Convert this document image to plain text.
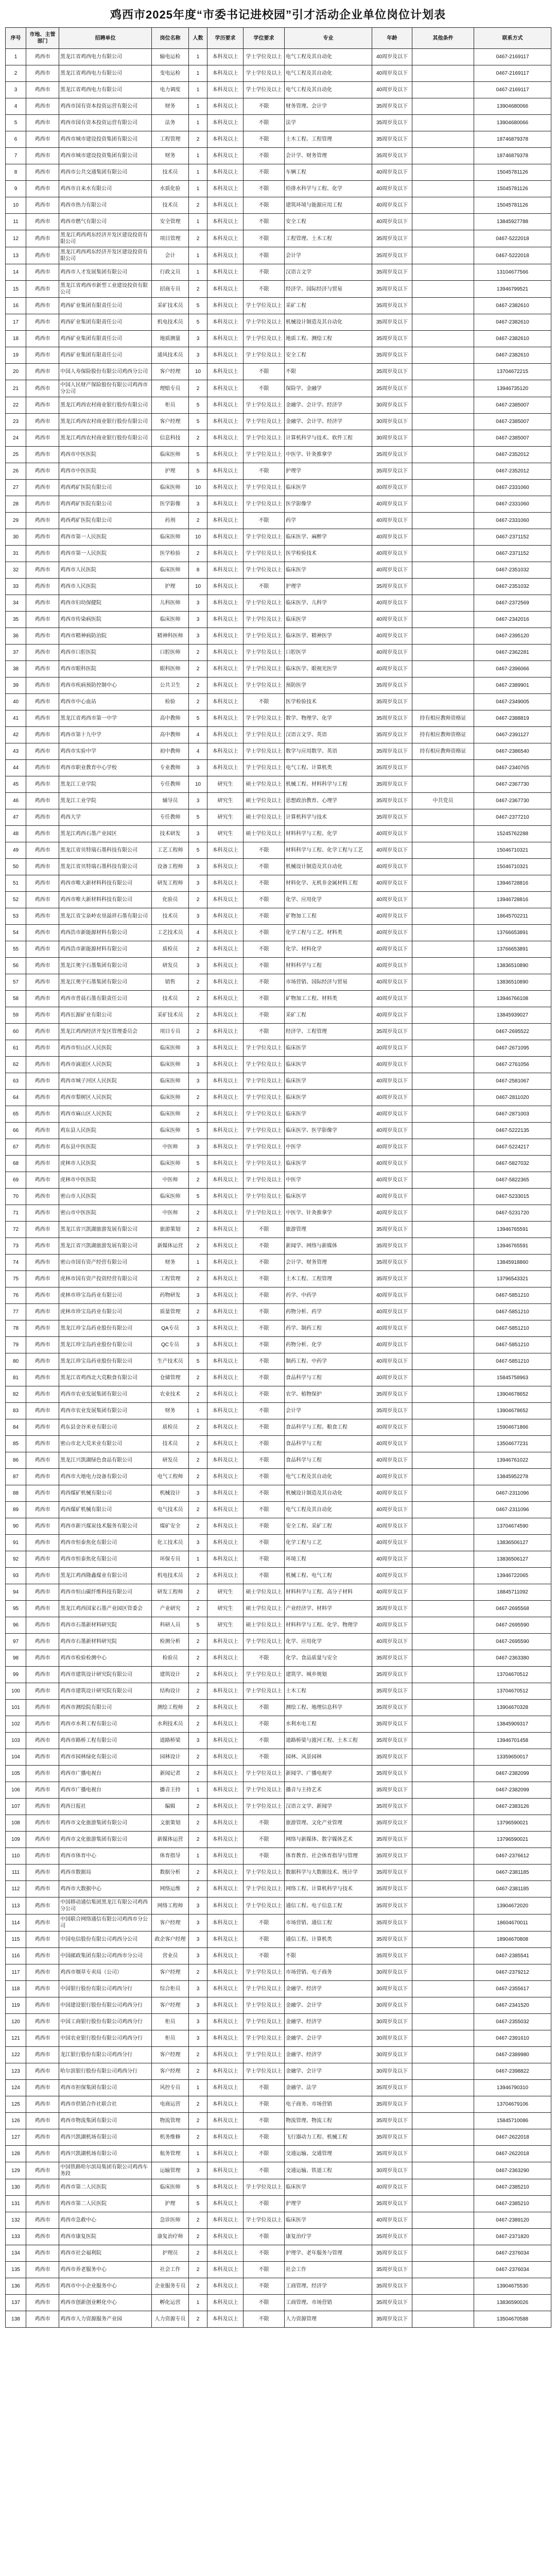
鸡西市2025年度“市委书记进校园”引才活动企业单位岗位计划表
序号	市地、主管部门	招聘单位	岗位名称	人数	学历要求	学位要求	专业	年龄	其他条件	联系方式
1	鸡西市	黑龙江省鸡西电力有限公司	输电运检	1	本科及以上	学士学位及以上	电气工程及其自动化	40周岁及以下		0467-2169117
2	鸡西市	黑龙江省鸡西电力有限公司	变电运检	1	本科及以上	学士学位及以上	电气工程及其自动化	40周岁及以下		0467-2169117
3	鸡西市	黑龙江省鸡西电力有限公司	电力调度	1	本科及以上	学士学位及以上	电气工程及其自动化	40周岁及以下		0467-2169117
4	鸡西市	鸡西市国有资本投资运营有限公司	财务	1	本科及以上	不限	财务管理、会计学	35周岁及以下		13904680066
5	鸡西市	鸡西市国有资本投资运营有限公司	法务	1	本科及以上	不限	法学	35周岁及以下		13904680066
6	鸡西市	鸡西市城市建设投资集团有限公司	工程管理	2	本科及以上	不限	土木工程、工程管理	35周岁及以下		18746879378
7	鸡西市	鸡西市城市建设投资集团有限公司	财务	1	本科及以上	不限	会计学、财务管理	35周岁及以下		18746879378
8	鸡西市	鸡西市公共交通集团有限公司	技术员	1	本科及以上	不限	车辆工程	40周岁及以下		15045781126
9	鸡西市	鸡西市自来水有限公司	水质化验	1	本科及以上	不限	给排水科学与工程、化学	40周岁及以下		15045781126
10	鸡西市	鸡西市热力有限公司	技术员	2	本科及以上	不限	建筑环境与能源应用工程	40周岁及以下		15045781126
11	鸡西市	鸡西市燃气有限公司	安全管理	1	本科及以上	不限	安全工程	40周岁及以下		13845927788
12	鸡西市	黑龙江鸡西鸡东经济开发区建设投资有限公司	项目管理	2	本科及以上	不限	工程管理、土木工程	35周岁及以下		0467-5222018
13	鸡西市	黑龙江鸡西鸡东经济开发区建设投资有限公司	会计	1	本科及以上	不限	会计学	35周岁及以下		0467-5222018
14	鸡西市	鸡西市人才发展集团有限公司	行政文员	1	本科及以上	不限	汉语言文学	35周岁及以下		13104677566
15	鸡西市	黑龙江省鸡西市新型工业建设投资有限公司	招商专员	2	本科及以上	不限	经济学、国际经济与贸易	35周岁及以下		13946799521
16	鸡西市	鸡西矿业集团有限责任公司	采矿技术员	5	本科及以上	学士学位及以上	采矿工程	35周岁及以下		0467-2382610
17	鸡西市	鸡西矿业集团有限责任公司	机电技术员	5	本科及以上	学士学位及以上	机械设计制造及其自动化	35周岁及以下		0467-2382610
18	鸡西市	鸡西矿业集团有限责任公司	地质测量	3	本科及以上	学士学位及以上	地质工程、测绘工程	35周岁及以下		0467-2382610
19	鸡西市	鸡西矿业集团有限责任公司	通风技术员	3	本科及以上	学士学位及以上	安全工程	35周岁及以下		0467-2382610
20	鸡西市	中国人寿保险股份有限公司鸡西分公司	客户经理	10	本科及以上	不限	不限	35周岁及以下		13704672215
21	鸡西市	中国人民财产保险股份有限公司鸡西市分公司	理赔专员	2	本科及以上	不限	保险学、金融学	35周岁及以下		13946735120
22	鸡西市	黑龙江鸡西农村商业银行股份有限公司	柜员	5	本科及以上	学士学位及以上	金融学、会计学、经济学	30周岁及以下		0467-2385007
23	鸡西市	黑龙江鸡西农村商业银行股份有限公司	客户经理	5	本科及以上	学士学位及以上	金融学、会计学、经济学	30周岁及以下		0467-2385007
24	鸡西市	黑龙江鸡西农村商业银行股份有限公司	信息科技	2	本科及以上	学士学位及以上	计算机科学与技术、软件工程	30周岁及以下		0467-2385007
25	鸡西市	鸡西市中医医院	临床医师	5	本科及以上	学士学位及以上	中医学、针灸推拿学	35周岁及以下		0467-2352012
26	鸡西市	鸡西市中医医院	护理	5	本科及以上	不限	护理学	35周岁及以下		0467-2352012
27	鸡西市	鸡西鸡矿医院有限公司	临床医师	10	本科及以上	学士学位及以上	临床医学	40周岁及以下		0467-2331060
28	鸡西市	鸡西鸡矿医院有限公司	医学影像	3	本科及以上	学士学位及以上	医学影像学	40周岁及以下		0467-2331060
29	鸡西市	鸡西鸡矿医院有限公司	药剂	2	本科及以上	不限	药学	40周岁及以下		0467-2331060
30	鸡西市	鸡西市第一人民医院	临床医师	10	本科及以上	学士学位及以上	临床医学、麻醉学	40周岁及以下		0467-2371152
31	鸡西市	鸡西市第一人民医院	医学检验	2	本科及以上	学士学位及以上	医学检验技术	40周岁及以下		0467-2371152
32	鸡西市	鸡西市人民医院	临床医师	8	本科及以上	学士学位及以上	临床医学	40周岁及以下		0467-2351032
33	鸡西市	鸡西市人民医院	护理	10	本科及以上	不限	护理学	35周岁及以下		0467-2351032
34	鸡西市	鸡西市妇幼保健院	儿科医师	3	本科及以上	学士学位及以上	临床医学、儿科学	40周岁及以下		0467-2372569
35	鸡西市	鸡西市传染病医院	临床医师	3	本科及以上	学士学位及以上	临床医学	40周岁及以下		0467-2342016
36	鸡西市	鸡西市精神病防治院	精神科医师	3	本科及以上	学士学位及以上	临床医学、精神医学	40周岁及以下		0467-2395120
37	鸡西市	鸡西市口腔医院	口腔医师	2	本科及以上	学士学位及以上	口腔医学	40周岁及以下		0467-2362281
38	鸡西市	鸡西市眼科医院	眼科医师	2	本科及以上	学士学位及以上	临床医学、眼视光医学	40周岁及以下		0467-2396066
39	鸡西市	鸡西市疾病预防控制中心	公共卫生	2	本科及以上	学士学位及以上	预防医学	35周岁及以下		0467-2389901
40	鸡西市	鸡西市中心血站	检验	2	本科及以上	不限	医学检验技术	35周岁及以下		0467-2349005
41	鸡西市	黑龙江省鸡西市第一中学	高中教师	5	本科及以上	学士学位及以上	数学、物理学、化学	35周岁及以下	持有相应教师资格证	0467-2388819
42	鸡西市	鸡西市第十九中学	高中教师	4	本科及以上	学士学位及以上	汉语言文学、英语	35周岁及以下	持有相应教师资格证	0467-2391127
43	鸡西市	鸡西市实验中学	初中教师	4	本科及以上	学士学位及以上	数学与应用数学、英语	35周岁及以下	持有相应教师资格证	0467-2386540
44	鸡西市	鸡西市职业教育中心学校	专业教师	3	本科及以上	学士学位及以上	电气工程、计算机类	35周岁及以下		0467-2340765
45	鸡西市	黑龙江工业学院	专任教师	10	研究生	硕士学位及以上	机械工程、材料科学与工程	35周岁及以下		0467-2367730
46	鸡西市	黑龙江工业学院	辅导员	3	研究生	硕士学位及以上	思想政治教育、心理学	35周岁及以下	中共党员	0467-2367730
47	鸡西市	鸡西大学	专任教师	5	研究生	硕士学位及以上	计算机科学与技术	35周岁及以下		0467-2377210
48	鸡西市	黑龙江鸡西石墨产业园区	技术研发	3	研究生	硕士学位及以上	材料科学与工程、化学	40周岁及以下		15245762288
49	鸡西市	黑龙江省贝特瑞石墨科技有限公司	工艺工程师	5	本科及以上	不限	材料科学与工程、化学工程与工艺	40周岁及以下		15046710321
50	鸡西市	黑龙江省贝特瑞石墨科技有限公司	设备工程师	3	本科及以上	不限	机械设计制造及其自动化	40周岁及以下		15046710321
51	鸡西市	鸡西市唯大新材料科技有限公司	研发工程师	3	本科及以上	不限	材料化学、无机非金属材料工程	40周岁及以下		13946728816
52	鸡西市	鸡西市唯大新材料科技有限公司	化验员	2	本科及以上	不限	化学、应用化学	40周岁及以下		13946728816
53	鸡西市	黑龙江省宝泉岭农垦溢祥石墨有限公司	技术员	3	本科及以上	不限	矿物加工工程	40周岁及以下		18645702211
54	鸡西市	鸡西浩市新能源材料有限公司	工艺技术员	4	本科及以上	不限	化学工程与工艺、材料类	40周岁及以下		13766653891
55	鸡西市	鸡西浩市新能源材料有限公司	质检员	2	本科及以上	不限	化学、材料化学	40周岁及以下		13766653891
56	鸡西市	黑龙江奥宇石墨集团有限公司	研发员	3	本科及以上	不限	材料科学与工程	40周岁及以下		13836510890
57	鸡西市	黑龙江奥宇石墨集团有限公司	销售	2	本科及以上	不限	市场营销、国际经济与贸易	40周岁及以下		13836510890
58	鸡西市	鸡西市普晨石墨有限责任公司	技术员	2	本科及以上	不限	矿物加工工程、材料类	40周岁及以下		13946766108
59	鸡西市	鸡西长源矿业有限公司	采矿技术员	2	本科及以上	不限	采矿工程	40周岁及以下		13845939027
60	鸡西市	黑龙江鸡西经济开发区管理委员会	项目专员	2	本科及以上	不限	经济学、工程管理	35周岁及以下		0467-2695522
61	鸡西市	鸡西市恒山区人民医院	临床医师	3	本科及以上	学士学位及以上	临床医学	40周岁及以下		0467-2671095
62	鸡西市	鸡西市滴道区人民医院	临床医师	3	本科及以上	学士学位及以上	临床医学	40周岁及以下		0467-2761056
63	鸡西市	鸡西市城子河区人民医院	临床医师	3	本科及以上	学士学位及以上	临床医学	40周岁及以下		0467-2581067
64	鸡西市	鸡西市梨树区人民医院	临床医师	2	本科及以上	学士学位及以上	临床医学	40周岁及以下		0467-2811020
65	鸡西市	鸡西市麻山区人民医院	临床医师	2	本科及以上	学士学位及以上	临床医学	40周岁及以下		0467-2871003
66	鸡西市	鸡东县人民医院	临床医师	5	本科及以上	学士学位及以上	临床医学、医学影像学	40周岁及以下		0467-5222135
67	鸡西市	鸡东县中医医院	中医师	3	本科及以上	学士学位及以上	中医学	40周岁及以下		0467-5224217
68	鸡西市	虎林市人民医院	临床医师	5	本科及以上	学士学位及以上	临床医学	40周岁及以下		0467-5827032
69	鸡西市	虎林市中医医院	中医师	2	本科及以上	学士学位及以上	中医学	40周岁及以下		0467-5822365
70	鸡西市	密山市人民医院	临床医师	5	本科及以上	学士学位及以上	临床医学	40周岁及以下		0467-5233015
71	鸡西市	密山市中医医院	中医师	2	本科及以上	学士学位及以上	中医学、针灸推拿学	40周岁及以下		0467-5231720
72	鸡西市	黑龙江省兴凯湖旅游发展有限公司	旅游策划	2	本科及以上	不限	旅游管理	35周岁及以下		13946765591
73	鸡西市	黑龙江省兴凯湖旅游发展有限公司	新媒体运营	2	本科及以上	不限	新闻学、网络与新媒体	35周岁及以下		13946765591
74	鸡西市	密山市国有资产经营有限公司	财务	1	本科及以上	不限	会计学、财务管理	35周岁及以下		13845918860
75	鸡西市	虎林市国有资产投资经营有限公司	工程管理	2	本科及以上	不限	土木工程、工程管理	35周岁及以下		13796543321
76	鸡西市	虎林市珍宝岛药业有限公司	药物研发	3	本科及以上	不限	药学、中药学	40周岁及以下		0467-5851210
77	鸡西市	虎林市珍宝岛药业有限公司	质量管理	2	本科及以上	不限	药物分析、药学	40周岁及以下		0467-5851210
78	鸡西市	黑龙江珍宝岛药业股份有限公司	QA专员	3	本科及以上	不限	药学、制药工程	40周岁及以下		0467-5851210
79	鸡西市	黑龙江珍宝岛药业股份有限公司	QC专员	3	本科及以上	不限	药物分析、化学	40周岁及以下		0467-5851210
80	鸡西市	黑龙江珍宝岛药业股份有限公司	生产技术员	5	本科及以上	不限	制药工程、中药学	40周岁及以下		0467-5851210
81	鸡西市	黑龙江省鸡西北大荒粮食有限公司	仓储管理	2	本科及以上	不限	食品科学与工程	40周岁及以下		15845758963
82	鸡西市	鸡西市农业发展集团有限公司	农业技术	2	本科及以上	不限	农学、植物保护	35周岁及以下		13904678652
83	鸡西市	鸡西市农业发展集团有限公司	财务	1	本科及以上	不限	会计学	35周岁及以下		13904678652
84	鸡西市	鸡东县金谷米业有限公司	质检员	2	本科及以上	不限	食品科学与工程、粮食工程	40周岁及以下		15904671866
85	鸡西市	密山市北大荒米业有限公司	技术员	2	本科及以上	不限	食品科学与工程	40周岁及以下		13504677231
86	鸡西市	黑龙江兴凯湖绿色食品有限公司	研发员	2	本科及以上	不限	食品科学与工程	40周岁及以下		13946761022
87	鸡西市	鸡西市大地电力设备有限公司	电气工程师	2	本科及以上	不限	电气工程及其自动化	40周岁及以下		13845952278
88	鸡西市	鸡西煤矿机械有限公司	机械设计	3	本科及以上	不限	机械设计制造及其自动化	40周岁及以下		0467-2311096
89	鸡西市	鸡西煤矿机械有限公司	电气技术员	2	本科及以上	不限	电气工程及其自动化	40周岁及以下		0467-2311096
90	鸡西市	鸡西市新兴煤炭技术服务有限公司	煤矿安全	2	本科及以上	不限	安全工程、采矿工程	40周岁及以下		13704674590
91	鸡西市	鸡西市恒泰焦化有限公司	化工技术员	3	本科及以上	不限	化学工程与工艺	40周岁及以下		13836506127
92	鸡西市	鸡西市恒泰焦化有限公司	环保专员	1	本科及以上	不限	环境工程	40周岁及以下		13836506127
93	鸡西市	黑龙江鸡西隆鑫煤业有限公司	机电技术员	2	本科及以上	不限	机械工程、电气工程	40周岁及以下		13946722065
94	鸡西市	鸡西市恒山碳纤维科技有限公司	研发工程师	2	研究生	硕士学位及以上	材料科学与工程、高分子材料	40周岁及以下		18845711092
95	鸡西市	黑龙江鸡西国家石墨产业园区管委会	产业研究	2	研究生	硕士学位及以上	产业经济学、材料学	35周岁及以下		0467-2695568
96	鸡西市	鸡西市石墨新材料研究院	科研人员	5	研究生	硕士学位及以上	材料科学与工程、化学、物理学	40周岁及以下		0467-2695590
97	鸡西市	鸡西市石墨新材料研究院	检测分析	2	本科及以上	学士学位及以上	化学、应用化学	40周岁及以下		0467-2695590
98	鸡西市	鸡西市检验检测中心	检验员	2	本科及以上	不限	化学、食品质量与安全	35周岁及以下		0467-2363380
99	鸡西市	鸡西市建筑设计研究院有限公司	建筑设计	2	本科及以上	学士学位及以上	建筑学、城乡规划	35周岁及以下		13704670512
100	鸡西市	鸡西市建筑设计研究院有限公司	结构设计	2	本科及以上	学士学位及以上	土木工程	35周岁及以下		13704670512
101	鸡西市	鸡西市测绘院有限公司	测绘工程师	2	本科及以上	不限	测绘工程、地理信息科学	35周岁及以下		13904670328
102	鸡西市	鸡西市水利工程有限公司	水利技术员	2	本科及以上	不限	水利水电工程	35周岁及以下		13845909317
103	鸡西市	鸡西市路桥工程有限公司	道路桥梁	3	本科及以上	不限	道路桥梁与渡河工程、土木工程	35周岁及以下		13946701458
104	鸡西市	鸡西市园林绿化有限公司	园林设计	2	本科及以上	不限	园林、风景园林	35周岁及以下		13359650017
105	鸡西市	鸡西市广播电视台	新闻记者	2	本科及以上	学士学位及以上	新闻学、广播电视学	35周岁及以下		0467-2382099
106	鸡西市	鸡西市广播电视台	播音主持	1	本科及以上	学士学位及以上	播音与主持艺术	35周岁及以下		0467-2382099
107	鸡西市	鸡西日报社	编辑	2	本科及以上	学士学位及以上	汉语言文学、新闻学	35周岁及以下		0467-2383126
108	鸡西市	鸡西市文化旅游集团有限公司	文旅策划	2	本科及以上	不限	旅游管理、文化产业管理	35周岁及以下		13796590021
109	鸡西市	鸡西市文化旅游集团有限公司	新媒体运营	2	本科及以上	不限	网络与新媒体、数字媒体艺术	35周岁及以下		13796590021
110	鸡西市	鸡西市体育中心	体育指导	1	本科及以上	不限	体育教育、社会体育指导与管理	35周岁及以下		0467-2376612
111	鸡西市	鸡西市数据局	数据分析	2	本科及以上	学士学位及以上	数据科学与大数据技术、统计学	35周岁及以下		0467-2381185
112	鸡西市	鸡西市大数据中心	网络运维	2	本科及以上	学士学位及以上	网络工程、计算机科学与技术	35周岁及以下		0467-2381185
113	鸡西市	中国移动通信集团黑龙江有限公司鸡西分公司	网络工程师	3	本科及以上	学士学位及以上	通信工程、电子信息工程	35周岁及以下		13904672020
114	鸡西市	中国联合网络通信有限公司鸡西市分公司	客户经理	3	本科及以上	不限	市场营销、通信工程	35周岁及以下		18604670011
115	鸡西市	中国电信股份有限公司鸡西分公司	政企客户经理	3	本科及以上	不限	通信工程、计算机类	35周岁及以下		18904670808
116	鸡西市	中国邮政集团有限公司鸡西市分公司	营业员	3	本科及以上	不限	不限	35周岁及以下		0467-2385541
117	鸡西市	鸡西市烟草专卖局（公司）	客户经理	2	本科及以上	学士学位及以上	市场营销、电子商务	30周岁及以下		0467-2379212
118	鸡西市	中国银行股份有限公司鸡西分行	综合柜员	3	本科及以上	学士学位及以上	金融学、经济学	30周岁及以下		0467-2355617
119	鸡西市	中国建设银行股份有限公司鸡西分行	客户经理	3	本科及以上	学士学位及以上	金融学、会计学	30周岁及以下		0467-2341520
120	鸡西市	中国工商银行股份有限公司鸡西分行	柜员	3	本科及以上	学士学位及以上	金融学、经济学	30周岁及以下		0467-2355032
121	鸡西市	中国农业银行股份有限公司鸡西分行	柜员	3	本科及以上	学士学位及以上	金融学、会计学	30周岁及以下		0467-2391610
122	鸡西市	龙江银行股份有限公司鸡西分行	客户经理	2	本科及以上	学士学位及以上	金融学、经济学	30周岁及以下		0467-2389980
123	鸡西市	哈尔滨银行股份有限公司鸡西分行	客户经理	2	本科及以上	学士学位及以上	金融学、会计学	30周岁及以下		0467-2398822
124	鸡西市	鸡西市担保集团有限公司	风控专员	1	本科及以上	不限	金融学、法学	35周岁及以下		13946790310
125	鸡西市	鸡西市供销合作社联合社	电商运营	2	本科及以上	不限	电子商务、市场营销	35周岁及以下		13704679106
126	鸡西市	鸡西市物流集团有限公司	物流管理	2	本科及以上	不限	物流管理、物流工程	35周岁及以下		15845710086
127	鸡西市	鸡西兴凯湖机场有限公司	机务维修	2	本科及以上	不限	飞行器动力工程、机械工程	35周岁及以下		0467-2622018
128	鸡西市	鸡西兴凯湖机场有限公司	航务管理	1	本科及以上	不限	交通运输、交通管理	35周岁及以下		0467-2622018
129	鸡西市	中国铁路哈尔滨局集团有限公司鸡西车务段	运输管理	3	本科及以上	不限	交通运输、铁道工程	30周岁及以下		0467-2363290
130	鸡西市	鸡西市第二人民医院	临床医师	5	本科及以上	学士学位及以上	临床医学	40周岁及以下		0467-2385210
131	鸡西市	鸡西市第二人民医院	护理	5	本科及以上	不限	护理学	35周岁及以下		0467-2385210
132	鸡西市	鸡西市急救中心	急诊医师	2	本科及以上	学士学位及以上	临床医学	40周岁及以下		0467-2389120
133	鸡西市	鸡西市康复医院	康复治疗师	2	本科及以上	不限	康复治疗学	35周岁及以下		0467-2371820
134	鸡西市	鸡西市社会福利院	护理员	2	本科及以上	不限	护理学、老年服务与管理	35周岁及以下		0467-2376034
135	鸡西市	鸡西市养老服务中心	社会工作	2	本科及以上	不限	社会工作	35周岁及以下		0467-2376034
136	鸡西市	鸡西市中小企业服务中心	企业服务专员	2	本科及以上	不限	工商管理、经济学	35周岁及以下		13904675530
137	鸡西市	鸡西市创新创业孵化中心	孵化运营	1	本科及以上	不限	工商管理、市场营销	35周岁及以下		13836590026
138	鸡西市	鸡西市人力资源服务产业园	人力资源专员	2	本科及以上	不限	人力资源管理	35周岁及以下		13504670588
